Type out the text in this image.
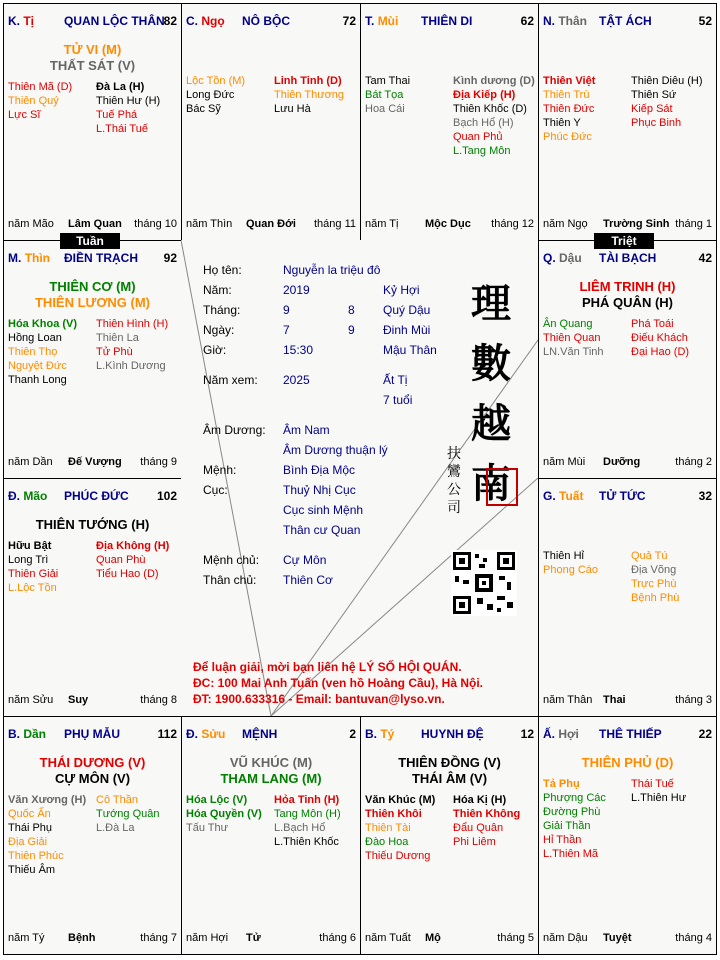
K. Tị QUAN LỘC THÂN
82
TỬ VI (M)
THẤT SÁT (V)
Thiên Mã (D)
Thiên Quý
Lực Sĩ
Đà La (H)
Thiên Hư (H)
Tuế Phá
L.Thái Tuế
năm Mão Lâm Quan tháng 10
C. Ngọ NÔ BỘC	72
Lộc Tồn (M)
Long Đức
Bác Sỹ
Linh Tinh (D)
Thiên Thương
Lưu Hà
năm Thìn Quan Đới tháng 11
T. Mùi THIÊN DI	62
Tam Thai
Bát Tọa
Hoa Cái
Kình dương (D)
Địa Kiếp (H)
Thiên Khốc (D)
Bạch Hổ (H)
Quan Phủ
L.Tang Môn
năm Tị Mộc Dục tháng 12
N. Thân TẬT ÁCH	52
Thiên Việt
Thiên Trù
Thiên Đức
Thiên Y
Phúc Đức
Thiên Diêu (H)
Thiên Sứ
Kiếp Sát
Phục Binh
năm Ngọ Trường Sinh tháng 1
M. Thìn ĐIỀN TRẠCH 92
THIÊN CƠ (M)
THIÊN LƯƠNG (M)
Hóa Khoa (V)
Hồng Loan
Thiên Thọ
Nguyệt Đức
Thanh Long
Thiên Hình (H)
Thiên La
Tử Phù
L.Kình Dương
năm Dần Đế Vượng tháng 9
Q. Dậu TÀI BẠCH	42
LIÊM TRINH (H)
PHÁ QUÂN (H)
Ân Quang
Thiên Quan
LN.Văn Tinh
Phá Toái
Điếu Khách
Đại Hao (D)
năm Mùi Dưỡng	tháng 2
Đ. Mão PHÚC ĐỨC 102
THIÊN TƯỚNG (H)
Hữu Bật
Long Trì
Thiên Giải
L.Lộc Tồn
Địa Không (H)
Quan Phù
Tiểu Hao (D)
năm Sửu Suy	tháng 8
G. Tuất TỬ TỨC	32
Thiên Hỉ
Phong Cáo
Quả Tú
Địa Võng
Trực Phù
Bệnh Phù
năm Thân Thai	tháng 3
B. Dần PHỤ MẪU	112
THÁI DƯƠNG (V)
CỰ MÔN (V)
Văn Xương (H)
Quốc Ấn
Thái Phụ
Địa Giải
Thiên Phúc
Thiếu Âm
Cô Thần
Tướng Quân
L.Đà La
năm Tý Bệnh	tháng 7
Đ. Sửu MỆNH	2
VŨ KHÚC (M)
THAM LANG (M)
Hóa Lộc (V)
Hóa Quyền (V)
Tấu Thư
Hỏa Tinh (H)
Tang Môn (H)
L.Bạch Hổ
L.Thiên Khốc
năm Hợi Tử	tháng 6
B. Tý HUYNH ĐỆ	12
THIÊN ĐỒNG (V)
THÁI ÂM (V)
Văn Khúc (M)
Thiên Khôi
Thiên Tài
Đào Hoa
Thiếu Dương
Hóa Kị (H)
Thiên Không
Đẩu Quân
Phi Liêm
năm Tuất Mộ	tháng 5
Ấ. Hợi THÊ THIẾP	22
THIÊN PHỦ (D)
Tả Phụ
Phượng Các
Đường Phù
Giải Thần
Hỉ Thần
L.Thiên Mã
Thái Tuế
L.Thiên Hư
năm Dậu Tuyệt	tháng 4
Tuần	Triệt
Họ tên:	Nguyễn la triệu đô
Năm:	2019	Kỷ Hợi
Tháng:	9	8 Quý Dậu
Ngày:	7	9 Đinh Mùi
Giờ:	15:30	Mậu Thân
Năm xem: 2025	Ất Tị
7 tuổi
Âm Dương: Âm Nam
Âm Dương thuận lý
Mệnh:	Bình Địa Mộc
Cục:	Thuỷ Nhị Cục
Cục sinh Mệnh
Thân cư Quan
Mệnh chủ: Cự Môn
Thân chủ: Thiên Cơ
理
數
越
南
扶
鸞
公
司
Để luận giải, mời bạn liên hệ LÝ SỐ HỘI QUÁN.
ĐC: 100 Mai Anh Tuấn (ven hồ Hoàng Cầu), Hà Nội.
ĐT: 1900.633316 - Email: bantuvan@lyso.vn.
